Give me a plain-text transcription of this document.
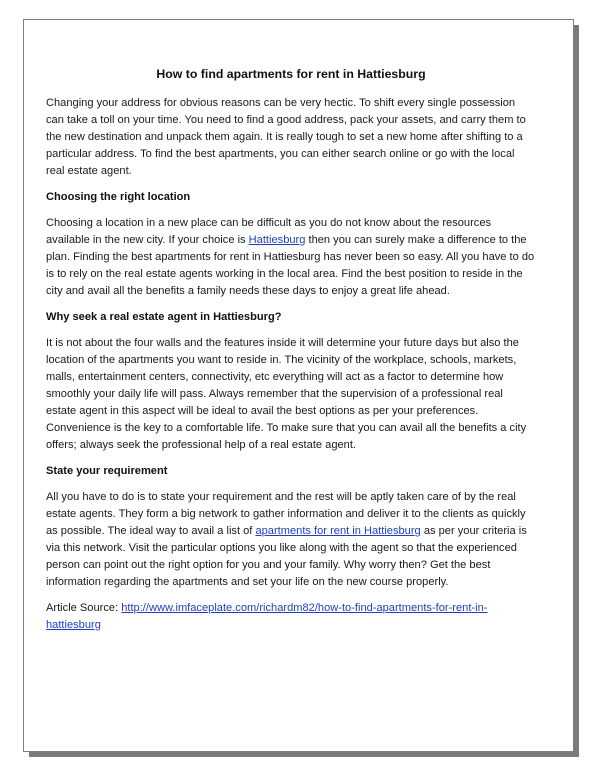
How to find apartments for rent in Hattiesburg

Changing your address for obvious reasons can be very hectic. To shift every single possession can take a toll on your time. You need to find a good address, pack your assets, and carry them to the new destination and unpack them again. It is really tough to set a new home after shifting to a particular address. To find the best apartments, you can either search online or go with the local real estate agent.

Choosing the right location

Choosing a location in a new place can be difficult as you do not know about the resources available in the new city. If your choice is Hattiesburg then you can surely make a difference to the plan. Finding the best apartments for rent in Hattiesburg has never been so easy. All you have to do is to rely on the real estate agents working in the local area. Find the best position to reside in the city and avail all the benefits a family needs these days to enjoy a great life ahead.

Why seek a real estate agent in Hattiesburg?

It is not about the four walls and the features inside it will determine your future days but also the location of the apartments you want to reside in. The vicinity of the workplace, schools, markets, malls, entertainment centers, connectivity, etc everything will act as a factor to determine how smoothly your daily life will pass. Always remember that the supervision of a professional real estate agent in this aspect will be ideal to avail the best options as per your preferences. Convenience is the key to a comfortable life. To make sure that you can avail all the benefits a city offers; always seek the professional help of a real estate agent.

State your requirement

All you have to do is to state your requirement and the rest will be aptly taken care of by the real estate agents. They form a big network to gather information and deliver it to the clients as quickly as possible. The ideal way to avail a list of apartments for rent in Hattiesburg as per your criteria is via this network. Visit the particular options you like along with the agent so that the experienced person can point out the right option for you and your family. Why worry then? Get the best information regarding the apartments and set your life on the new course properly.

Article Source: http://www.imfaceplate.com/richardm82/how-to-find-apartments-for-rent-in-hattiesburg
